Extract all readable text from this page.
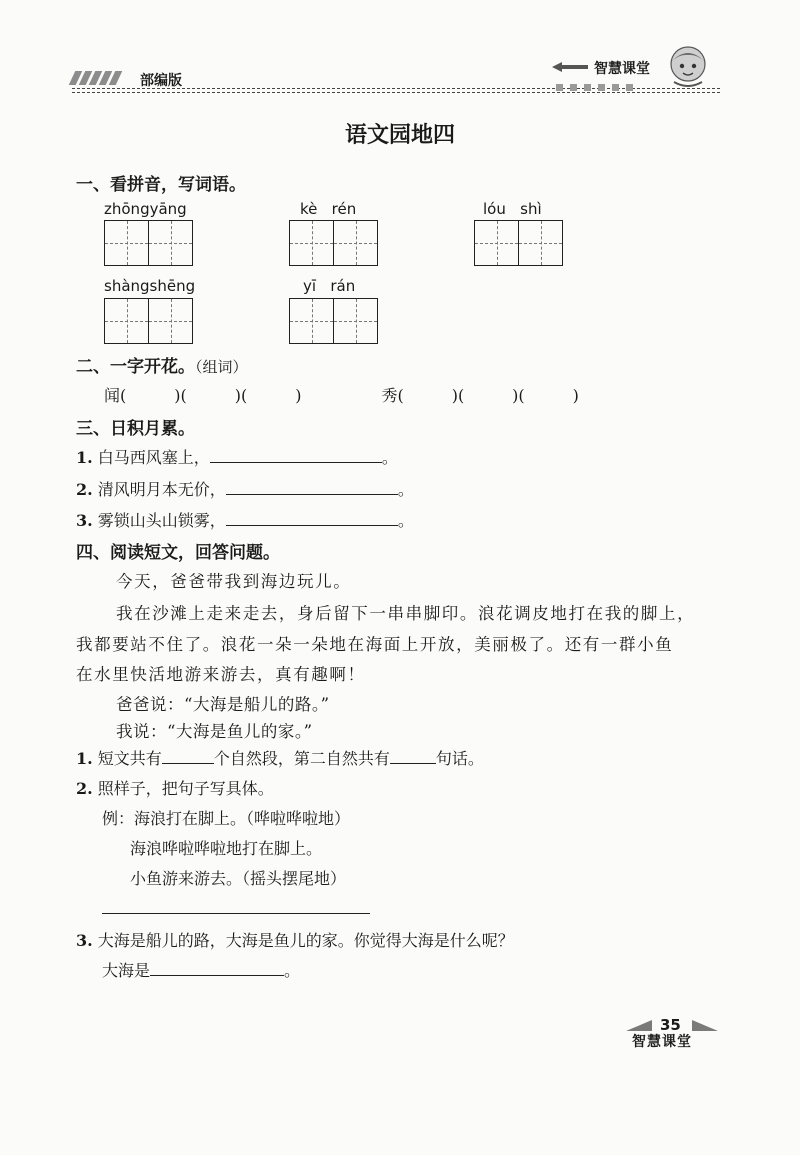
部编版
智慧课堂
语文园地四
一、看拼音，写词语。
zhōngyāng	kè   rén	lóu   shì
shàngshēng	yī   rán
二、一字开花。（组词）
闻(　　　)(　　　)(　　　)　　　　　秀(　　　)(　　　)(　　　)
三、日积月累。
1. 白马西风塞上，	。
2. 清风明月本无价，	。
3. 雾锁山头山锁雾，	。
四、阅读短文，回答问题。
今天，爸爸带我到海边玩儿。
我在沙滩上走来走去，身后留下一串串脚印。浪花调皮地打在我的脚上，
我都要站不住了。浪花一朵一朵地在海面上开放，美丽极了。还有一群小鱼
在水里快活地游来游去，真有趣啊！
爸爸说：“大海是船儿的路。”
我说：“大海是鱼儿的家。”
1. 短文共有	个自然段，第二自然共有	句话。
2. 照样子，把句子写具体。
例：海浪打在脚上。（哗啦哗啦地）
海浪哗啦哗啦地打在脚上。
小鱼游来游去。（摇头摆尾地）
3. 大海是船儿的路，大海是鱼儿的家。你觉得大海是什么呢？
大海是	。
35
智慧课堂
